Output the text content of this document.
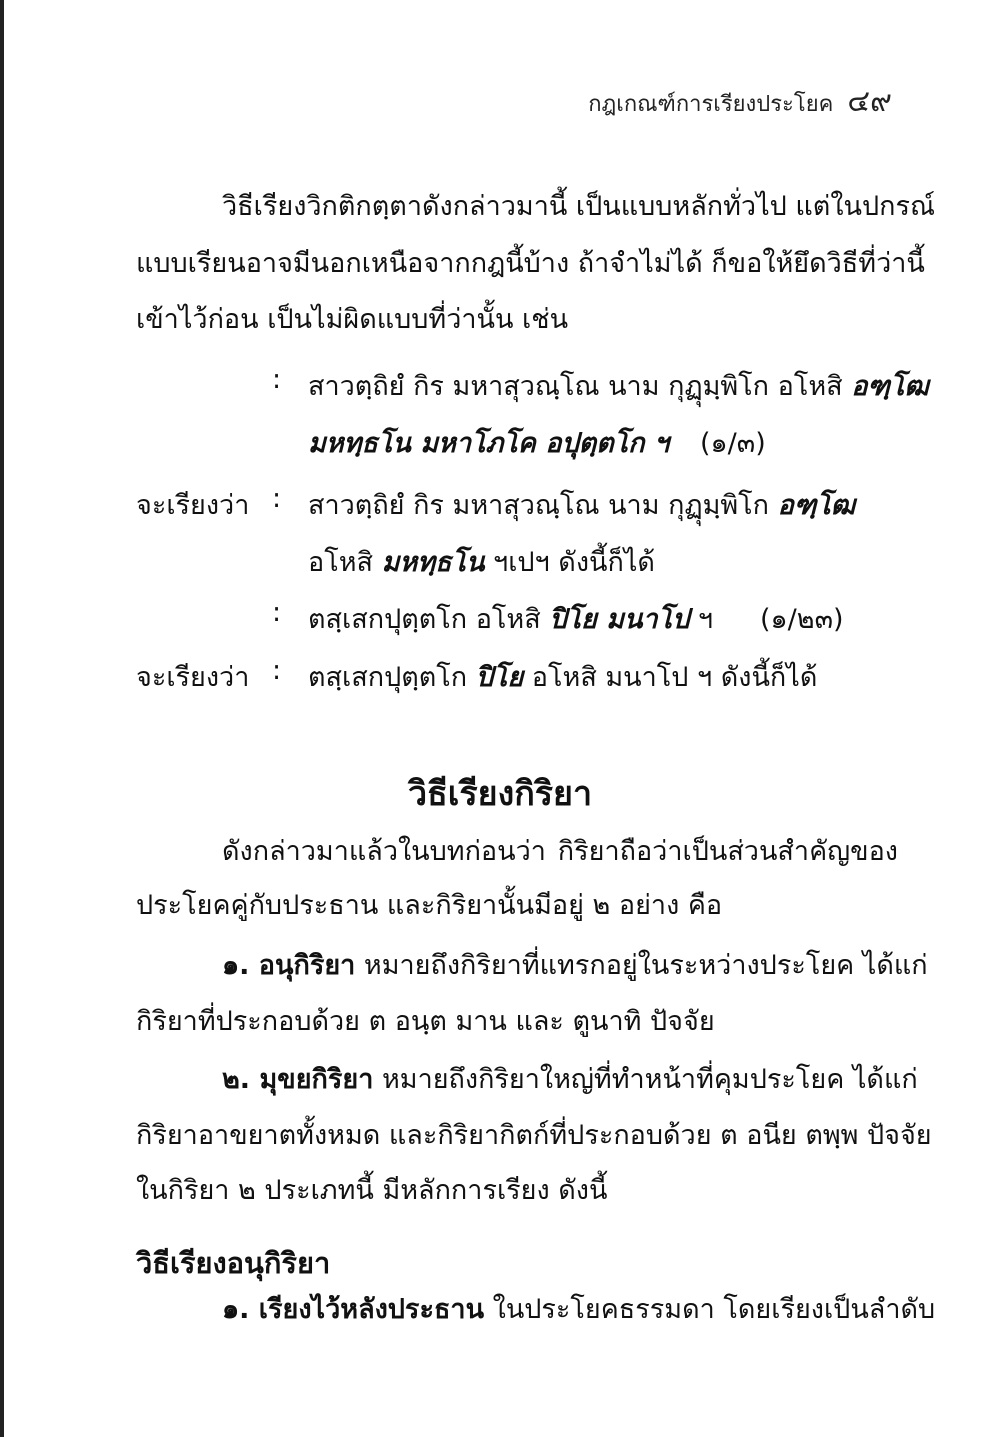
กฎเกณฑ์การเรียงประโยค ๔๙
วิธีเรียงวิกติกตฺตาดังกล่าวมานี้ เป็นแบบหลักทั่วไป แต่ในปกรณ์
แบบเรียนอาจมีนอกเหนือจากกฎนี้บ้าง ถ้าจำไม่ได้ ก็ขอให้ยึดวิธีที่ว่านี้
เข้าไว้ก่อน เป็นไม่ผิดแบบที่ว่านั้น เช่น
: สาวตฺถิยํ กิร มหาสุวณฺโณ นาม กุฏุมฺพิโก อโหสิ อฑฺโฒ
มหทฺธโน มหาโภโค อปุตฺตโก ฯ (๑/๓)
จะเรียงว่า : สาวตฺถิยํ กิร มหาสุวณฺโณ นาม กุฏุมฺพิโก อฑฺโฒ
อโหสิ มหทฺธโน ฯเปฯ ดังนี้ก็ได้
: ตสฺเสกปุตฺตโก อโหสิ ปิโย มนาโป ฯ (๑/๒๓)
จะเรียงว่า : ตสฺเสกปุตฺตโก ปิโย อโหสิ มนาโป ฯ ดังนี้ก็ได้
วิธีเรียงกิริยา
ดังกล่าวมาแล้วในบทก่อนว่า กิริยาถือว่าเป็นส่วนสำคัญของ
ประโยคคู่กับประธาน และกิริยานั้นมีอยู่ ๒ อย่าง คือ
๑. อนุกิริยา หมายถึงกิริยาที่แทรกอยู่ในระหว่างประโยค ได้แก่
กิริยาที่ประกอบด้วย ต อนฺต มาน และ ตูนาทิ ปัจจัย
๒. มุขยกิริยา หมายถึงกิริยาใหญ่ที่ทำหน้าที่คุมประโยค ได้แก่
กิริยาอาขยาตทั้งหมด และกิริยากิตก์ที่ประกอบด้วย ต อนีย ตพฺพ ปัจจัย
ในกิริยา ๒ ประเภทนี้ มีหลักการเรียง ดังนี้
วิธีเรียงอนุกิริยา
๑. เรียงไว้หลังประธาน ในประโยคธรรมดา โดยเรียงเป็นลำดับ
